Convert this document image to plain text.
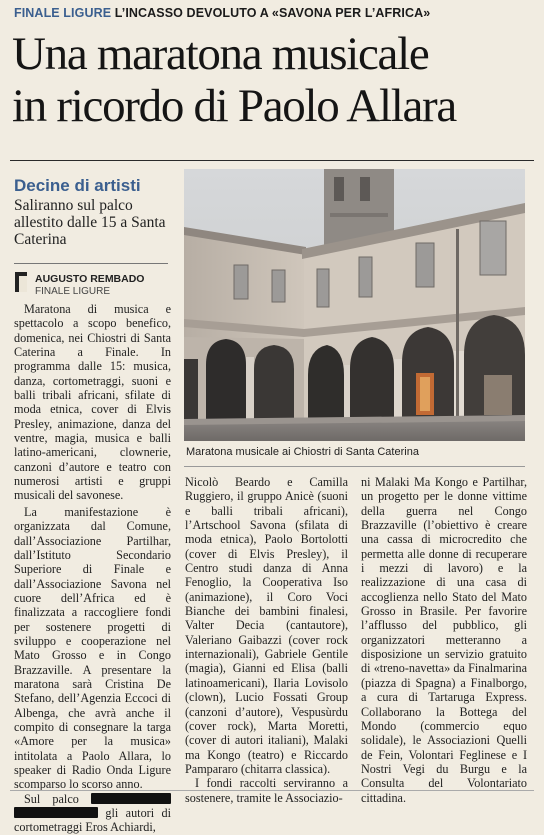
FINALE LIGURE L’INCASSO DEVOLUTO A «SAVONA PER L’AFRICA»
Una maratona musicale
in ricordo di Paolo Allara
Decine di artisti
Saliranno sul palco allestito dalle 15 a Santa Caterina
AUGUSTO REMBADO
FINALE LIGURE

Maratona di musica e spettacolo a scopo benefico, domenica, nei Chiostri di Santa Caterina a Finale. In programma dalle 15: musica, danza, cortometraggi, suoni e balli tribali africani, sfilate di moda etnica, cover di Elvis Presley, animazione, danza del ventre, magia, musica e balli latino-americani, clownerie, canzoni d’autore e teatro con numerosi artisti e gruppi musicali del savonese.

La manifestazione è organizzata dal Comune, dall’Associazione Partilhar, dall’Istituto Secondario Superiore di Finale e dall’Associazione Savona nel cuore dell’Africa ed è finalizzata a raccogliere fondi per sostenere progetti di sviluppo e cooperazione nel Mato Grosso e in Congo Brazzaville. A presentare la maratona sarà Cristina De Stefano, dell’Agenzia Eccoci di Albenga, che avrà anche il compito di consegnare la targa «Amore per la musica» intitolata a Paolo Allara, lo speaker di Radio Onda Ligure scomparso lo scorso anno.

Sul palco   gli autori di cortometraggi Eros Achiardi,

Maratona musicale ai Chiostri di Santa Caterina

Nicolò Beardo e Camilla Ruggiero, il gruppo Anicè (suoni e balli tribali africani), l’Artschool Savona (sfilata di moda etnica), Paolo Bortolotti (cover di Elvis Presley), il Centro studi danza di Anna Fenoglio, la Cooperativa Iso (animazione), il Coro Voci Bianche dei bambini finalesi, Valter Decia (cantautore), Valeriano Gaibazzi (cover rock internazionali), Gabriele Gentile (magia), Gianni ed Elisa (balli latinoamericani), Ilaria Lovisolo (clown), Lucio Fossati Group (canzoni d’autore), Vespusùrdu (cover rock), Marta Moretti, (cover di autori italiani), Malaki ma Kongo (teatro) e Riccardo Pampararo (chitarra classica).

I fondi raccolti serviranno a sostenere, tramite le Associazio-

ni Malaki Ma Kongo e Partilhar, un progetto per le donne vittime della guerra nel Congo Brazzaville (l’obiettivo è creare una cassa di microcredito che permetta alle donne di recuperare i mezzi di lavoro) e la realizzazione di una casa di accoglienza nello Stato del Mato Grosso in Brasile. Per favorire l’afflusso del pubblico, gli organizzatori metteranno a disposizione un servizio gratuito di «treno-navetta» da Finalmarina (piazza di Spagna) a Finalborgo, a cura di Tartaruga Express. Collaborano la Bottega del Mondo (commercio equo solidale), le Associazioni Quelli de Fein, Volontari Feglinese e I Nostri Vegi du Burgu e la Consulta del Volontariato cittadina.
